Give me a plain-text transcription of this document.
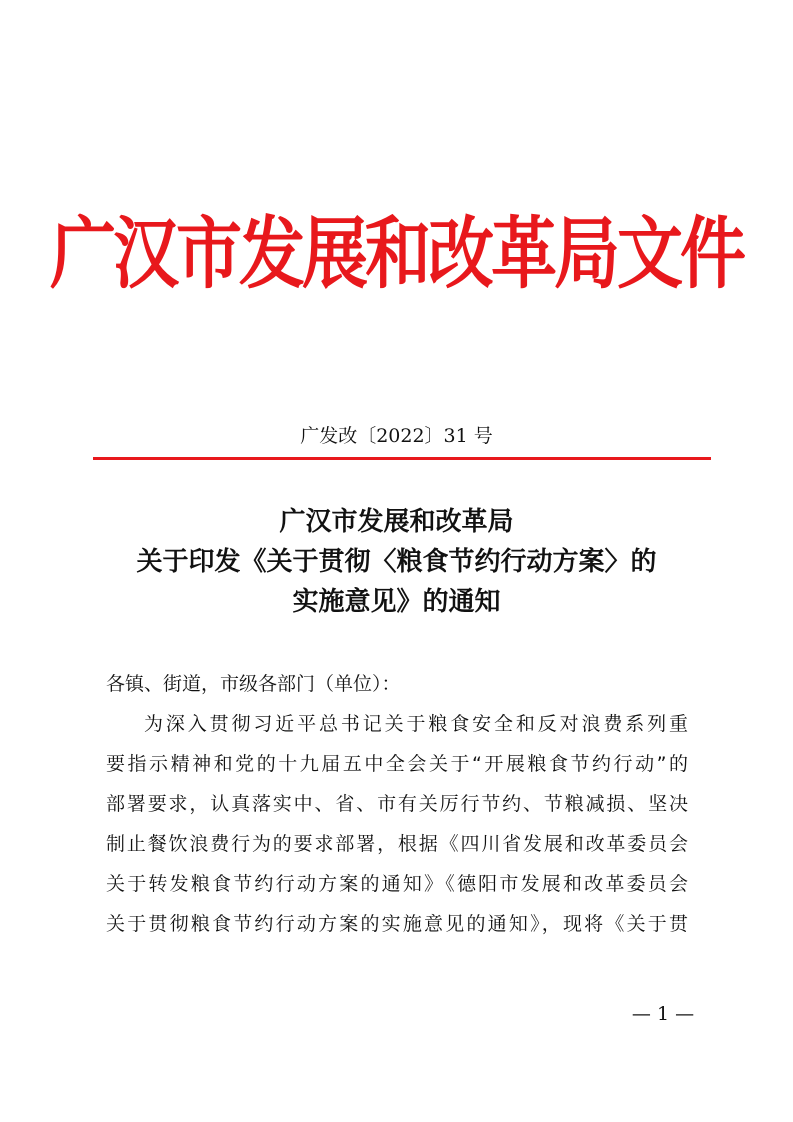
广汉市发展和改革局文件
广发改〔2022〕31 号
广汉市发展和改革局
关于印发《关于贯彻〈粮食节约行动方案〉的
实施意见》的通知
各镇、街道，市级各部门（单位）：
为深入贯彻习近平总书记关于粮食安全和反对浪费系列重
要指示精神和党的十九届五中全会关于“开展粮食节约行动”的
部署要求，认真落实中、省、市有关厉行节约、节粮减损、坚决
制止餐饮浪费行为的要求部署，根据《四川省发展和改革委员会
关于转发粮食节约行动方案的通知》《德阳市发展和改革委员会
关于贯彻粮食节约行动方案的实施意见的通知》，现将《关于贯
— 1 —
